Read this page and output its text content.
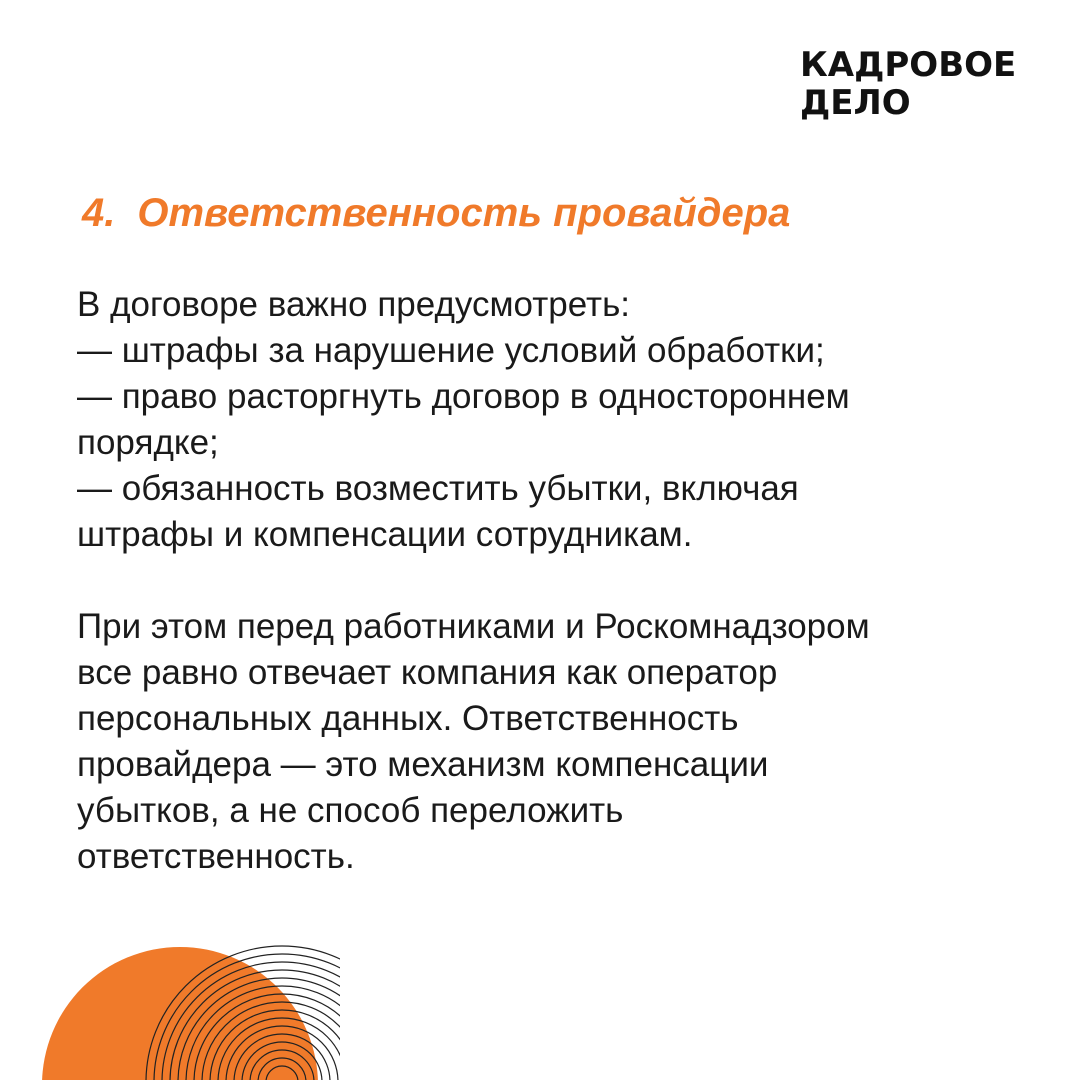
КАДРОВОЕ
ДЕЛО
4. Ответственность провайдера
В договоре важно предусмотреть:
— штрафы за нарушение условий обработки;
— право расторгнуть договор в одностороннем
порядке;
— обязанность возместить убытки, включая
штрафы и компенсации сотрудникам.
При этом перед работниками и Роскомнадзором
все равно отвечает компания как оператор
персональных данных. Ответственность
провайдера — это механизм компенсации
убытков, а не способ переложить
ответственность.
